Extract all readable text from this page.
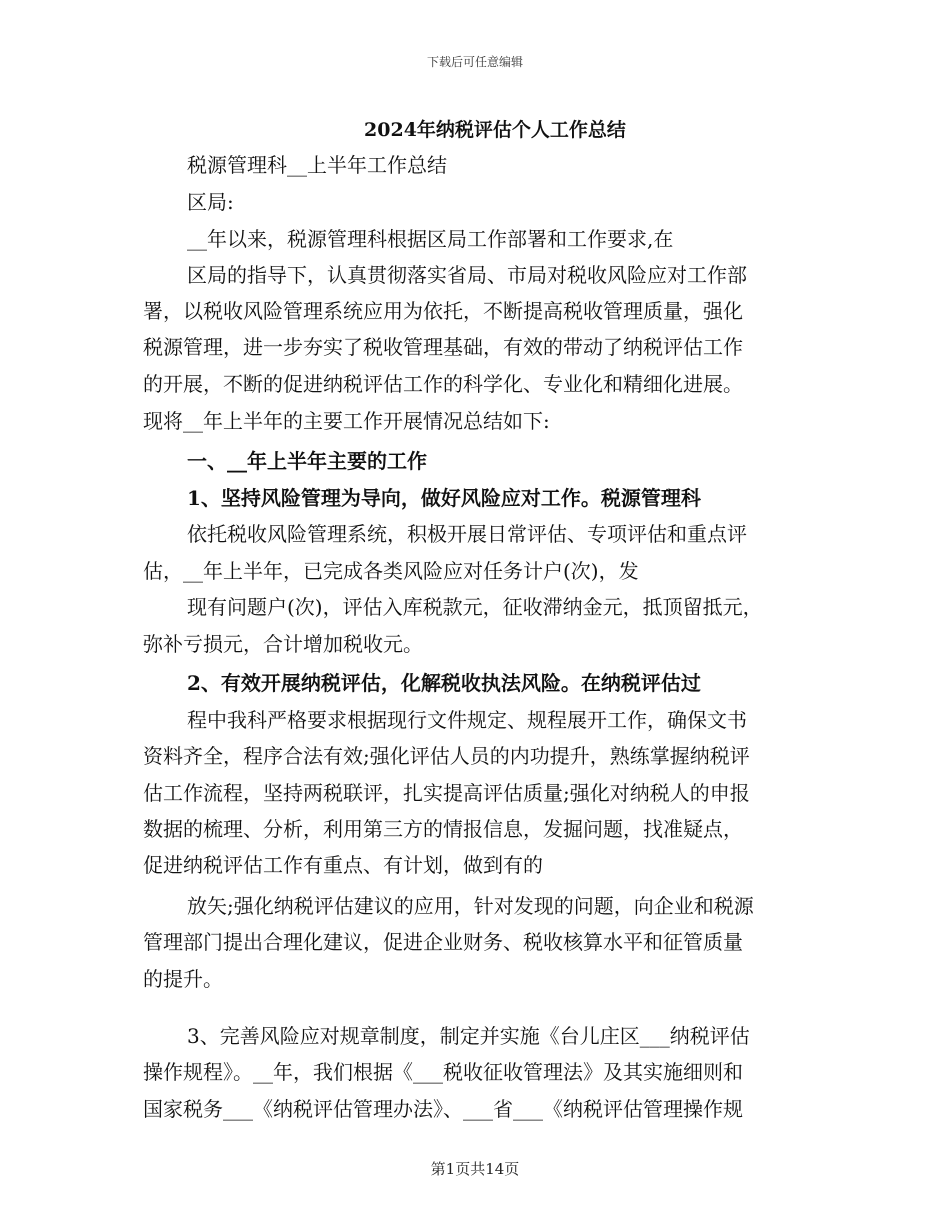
下载后可任意编辑
2024年纳税评估个人工作总结
税源管理科__上半年工作总结
区局:
__年以来，税源管理科根据区局工作部署和工作要求,在
区局的指导下，认真贯彻落实省局、市局对税收风险应对工作部
署，以税收风险管理系统应用为依托，不断提高税收管理质量，强化
税源管理，进一步夯实了税收管理基础，有效的带动了纳税评估工作
的开展，不断的促进纳税评估工作的科学化、专业化和精细化进展。
现将__年上半年的主要工作开展情况总结如下:
一、__年上半年主要的工作
1、坚持风险管理为导向，做好风险应对工作。税源管理科
依托税收风险管理系统，积极开展日常评估、专项评估和重点评
估，__年上半年，已完成各类风险应对任务计户(次)，发
现有问题户(次)，评估入库税款元，征收滞纳金元，抵顶留抵元，
弥补亏损元，合计增加税收元。
2、有效开展纳税评估，化解税收执法风险。在纳税评估过
程中我科严格要求根据现行文件规定、规程展开工作，确保文书
资料齐全，程序合法有效;强化评估人员的内功提升，熟练掌握纳税评
估工作流程，坚持两税联评，扎实提高评估质量;强化对纳税人的申报
数据的梳理、分析，利用第三方的情报信息，发掘问题，找准疑点，
促进纳税评估工作有重点、有计划，做到有的
放矢;强化纳税评估建议的应用，针对发现的问题，向企业和税源
管理部门提出合理化建议，促进企业财务、税收核算水平和征管质量
的提升。
3、完善风险应对规章制度，制定并实施《台儿庄区___纳税评估
操作规程》。__年，我们根据《___税收征收管理法》及其实施细则和
国家税务___《纳税评估管理办法》、___省___《纳税评估管理操作规
第1页共14页
